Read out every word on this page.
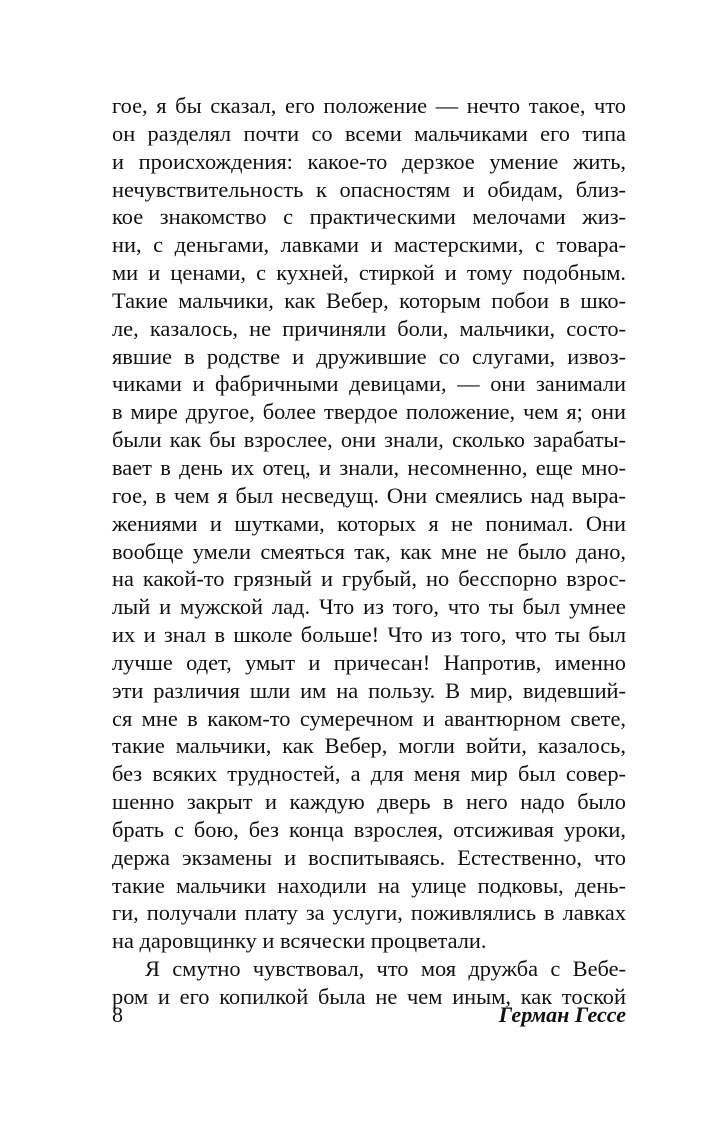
гое, я бы сказал, его положение — нечто такое, что
он разделял почти со всеми мальчиками его типа
и происхождения: какое-то дерзкое умение жить,
нечувствительность к опасностям и обидам, близ-
кое знакомство с практическими мелочами жиз-
ни, с деньгами, лавками и мастерскими, с товара-
ми и ценами, с кухней, стиркой и тому подобным.
Такие мальчики, как Вебер, которым побои в шко-
ле, казалось, не причиняли боли, мальчики, состо-
явшие в родстве и дружившие со слугами, извоз-
чиками и фабричными девицами, — они занимали
в мире другое, более твердое положение, чем я; они
были как бы взрослее, они знали, сколько зарабаты-
вает в день их отец, и знали, несомненно, еще мно-
гое, в чем я был несведущ. Они смеялись над выра-
жениями и шутками, которых я не понимал. Они
вообще умели смеяться так, как мне не было дано,
на какой-то грязный и грубый, но бесспорно взрос-
лый и мужской лад. Что из того, что ты был умнее
их и знал в школе больше! Что из того, что ты был
лучше одет, умыт и причесан! Напротив, именно
эти различия шли им на пользу. В мир, видевший-
ся мне в каком-то сумеречном и авантюрном свете,
такие мальчики, как Вебер, могли войти, казалось,
без всяких трудностей, а для меня мир был совер-
шенно закрыт и каждую дверь в него надо было
брать с бою, без конца взрослея, отсиживая уроки,
держа экзамены и воспитываясь. Естественно, что
такие мальчики находили на улице подковы, день-
ги, получали плату за услуги, поживлялись в лавках
на даровщинку и всячески процветали.
Я смутно чувствовал, что моя дружба с Вебе-
ром и его копилкой была не чем иным, как тоской
8	Герман Гессе
